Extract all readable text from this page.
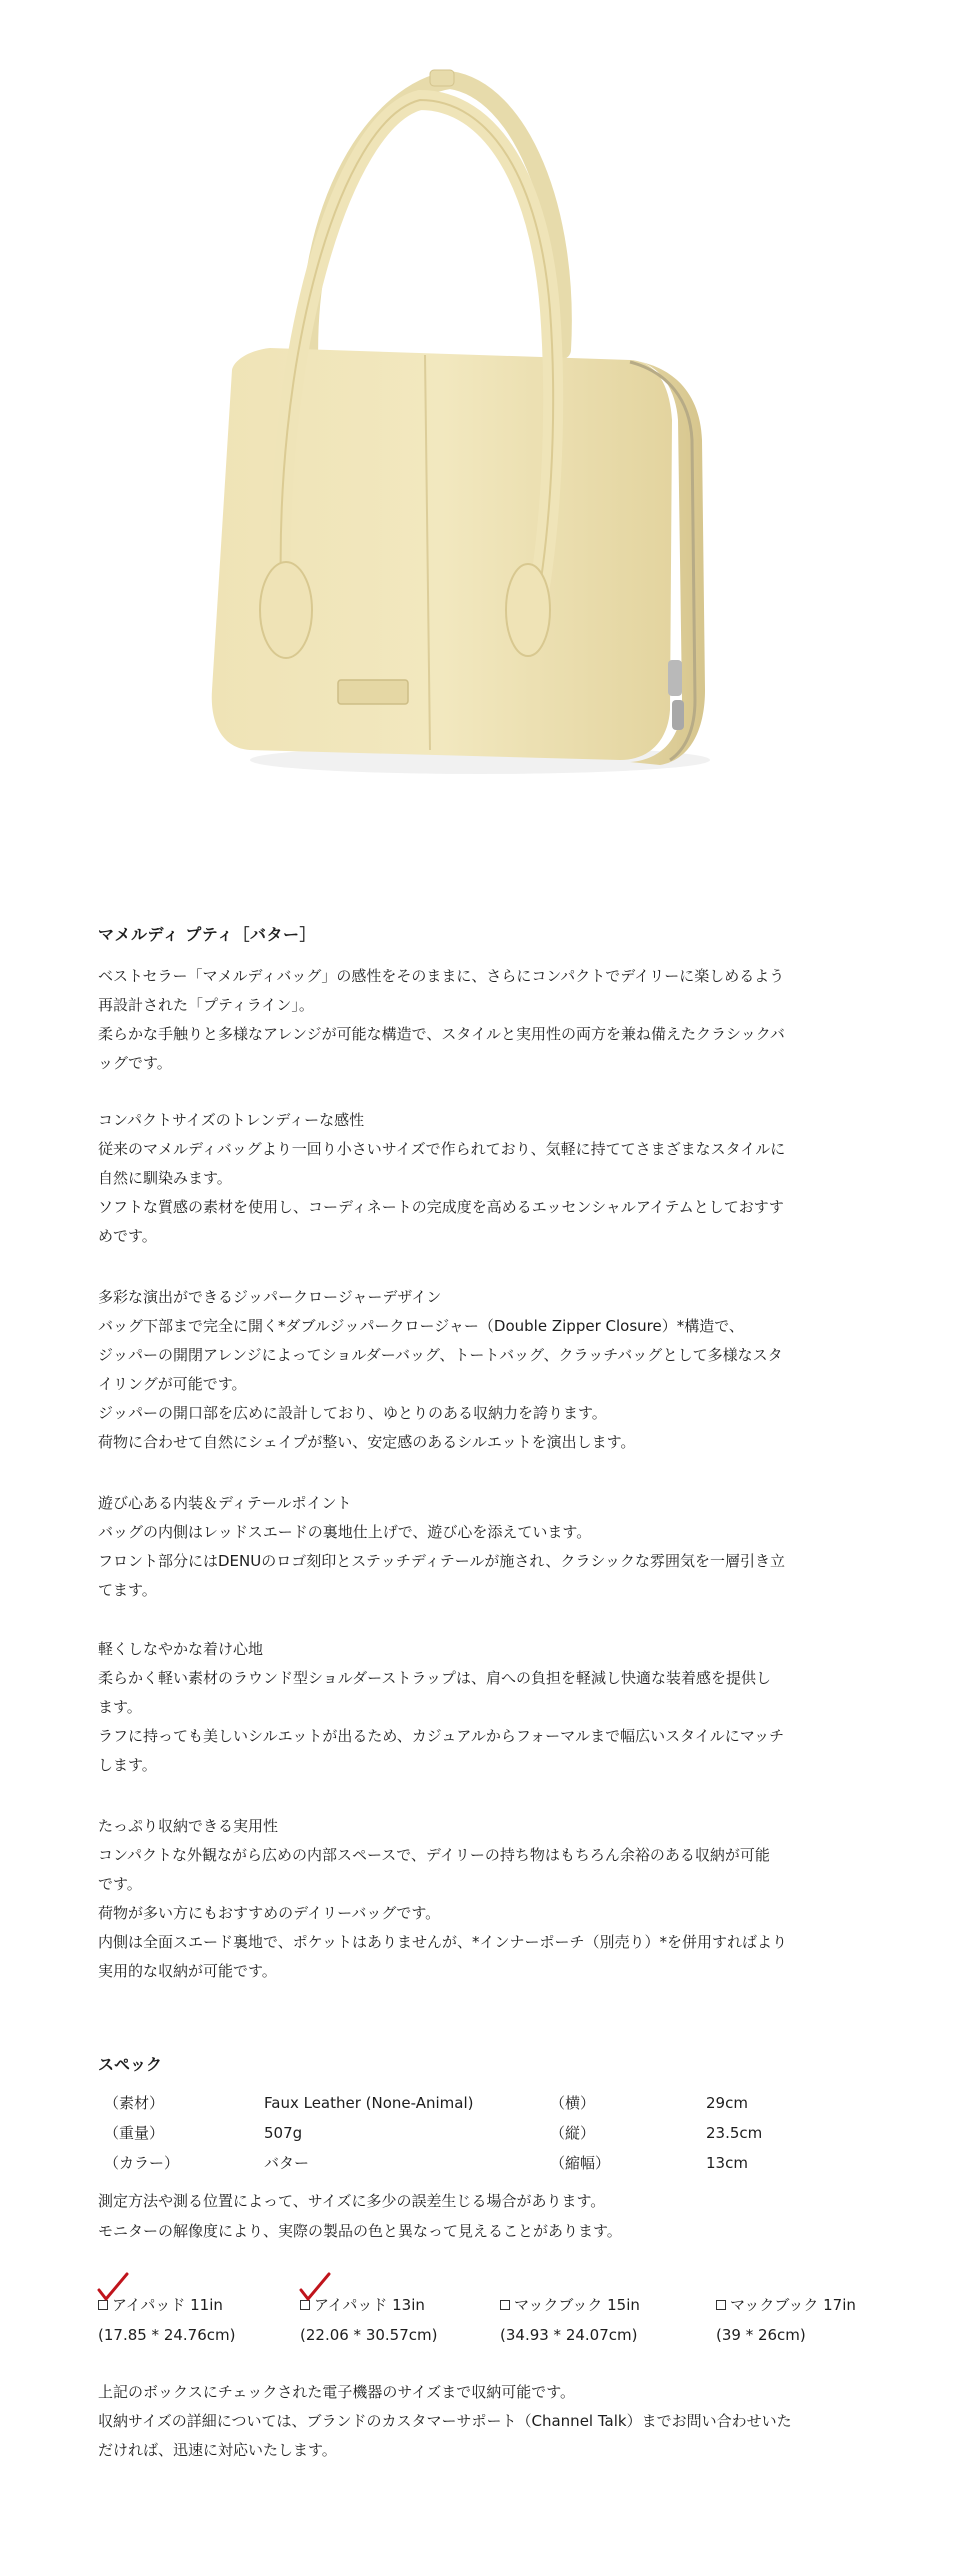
マメルディ プティ［バター］

ベストセラー「マメルディバッグ」の感性をそのままに、さらにコンパクトでデイリーに楽しめるよう

再設計された「プティライン」。

柔らかな手触りと多様なアレンジが可能な構造で、スタイルと実用性の両方を兼ね備えたクラシックバ

ッグです。

コンパクトサイズのトレンディーな感性

従来のマメルディバッグより一回り小さいサイズで作られており、気軽に持ててさまざまなスタイルに

自然に馴染みます。

ソフトな質感の素材を使用し、コーディネートの完成度を高めるエッセンシャルアイテムとしておすす

めです。

多彩な演出ができるジッパークロージャーデザイン

バッグ下部まで完全に開く*ダブルジッパークロージャー（Double Zipper Closure）*構造で、

ジッパーの開閉アレンジによってショルダーバッグ、トートバッグ、クラッチバッグとして多様なスタ

イリングが可能です。

ジッパーの開口部を広めに設計しており、ゆとりのある収納力を誇ります。

荷物に合わせて自然にシェイプが整い、安定感のあるシルエットを演出します。

遊び心ある内装＆ディテールポイント

バッグの内側はレッドスエードの裏地仕上げで、遊び心を添えています。

フロント部分にはDENUのロゴ刻印とステッチディテールが施され、クラシックな雰囲気を一層引き立

てます。

軽くしなやかな着け心地

柔らかく軽い素材のラウンド型ショルダーストラップは、肩への負担を軽減し快適な装着感を提供し

ます。

ラフに持っても美しいシルエットが出るため、カジュアルからフォーマルまで幅広いスタイルにマッチ

します。

たっぷり収納できる実用性

コンパクトな外観ながら広めの内部スペースで、デイリーの持ち物はもちろん余裕のある収納が可能

です。

荷物が多い方にもおすすめのデイリーバッグです。

内側は全面スエード裏地で、ポケットはありませんが、*インナーポーチ（別売り）*を併用すればより

実用的な収納が可能です。

スペック
（素材）	Faux Leather (None-Animal)	（横）	29cm
（重量）	507g	（縦）	23.5cm
（カラー）	バター	（縮幅）	13cm

測定方法や測る位置によって、サイズに多少の誤差生じる場合があります。

モニターの解像度により、実際の製品の色と異なって見えることがあります。

アイパッド 11in
(17.85 * 24.76cm)
アイパッド 13in
(22.06 * 30.57cm)
マックブック 15in
(34.93 * 24.07cm)
マックブック 17in
(39 * 26cm)

上記のボックスにチェックされた電子機器のサイズまで収納可能です。

収納サイズの詳細については、ブランドのカスタマーサポート（Channel Talk）までお問い合わせいた

だければ、迅速に対応いたします。
